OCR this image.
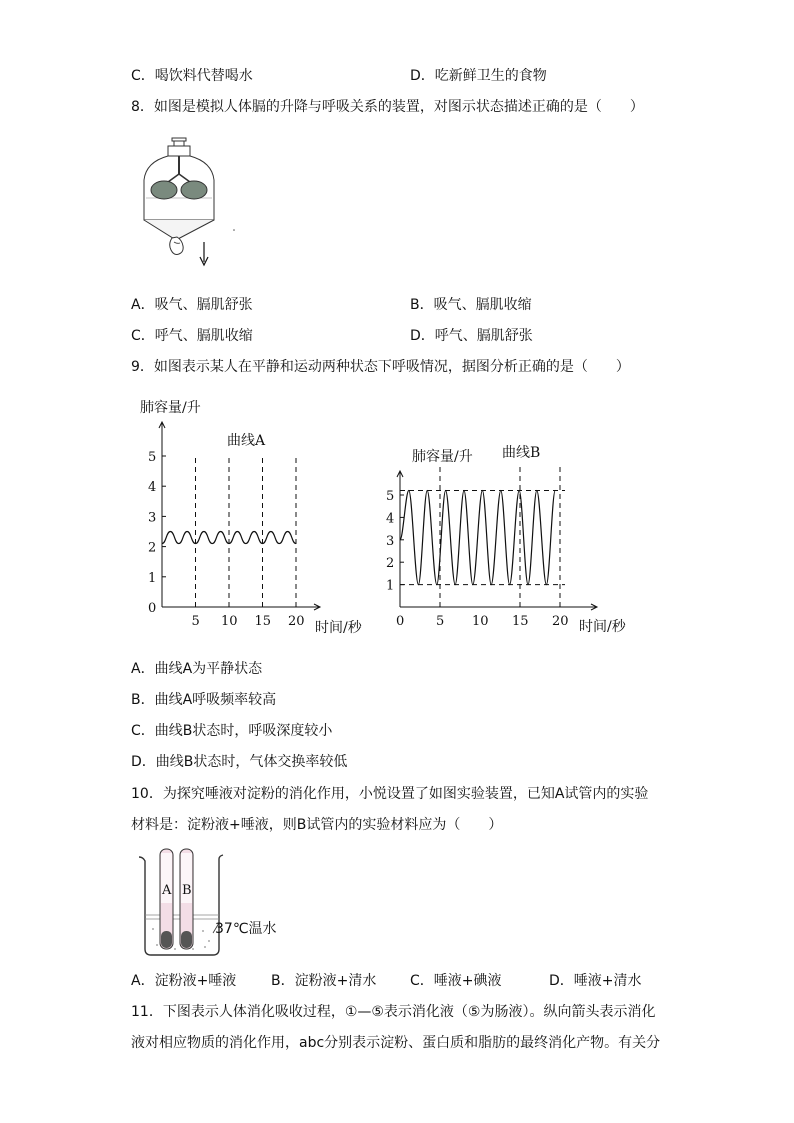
C．喝饮料代替喝水	D．吃新鲜卫生的食物
8．如图是模拟人体膈的升降与呼吸关系的装置，对图示状态描述正确的是（　　）
A．吸气、膈肌舒张	B．吸气、膈肌收缩
C．呼气、膈肌收缩	D．呼气、膈肌舒张
9．如图表示某人在平静和运动两种状态下呼吸情况，据图分析正确的是（　　）
肺容量/升
曲线A
时间/秒
0
1
2
3
4
5
5 10 15 20
肺容量/升 曲线B
时间/秒
1
2
3
4
5
0 5 10 15 20
A．曲线A为平静状态
B．曲线A呼吸频率较高
C．曲线B状态时，呼吸深度较小
D．曲线B状态时，气体交换率较低
10．为探究唾液对淀粉的消化作用，小悦设置了如图实验装置，已知A试管内的实验
材料是：淀粉液+唾液，则B试管内的实验材料应为（　　）
A B
37℃温水
A．淀粉液+唾液 B．淀粉液+清水 C．唾液+碘液	D．唾液+清水
11．下图表示人体消化吸收过程，①—⑤表示消化液（⑤为肠液）。纵向箭头表示消化
液对相应物质的消化作用，abc分别表示淀粉、蛋白质和脂肪的最终消化产物。有关分
